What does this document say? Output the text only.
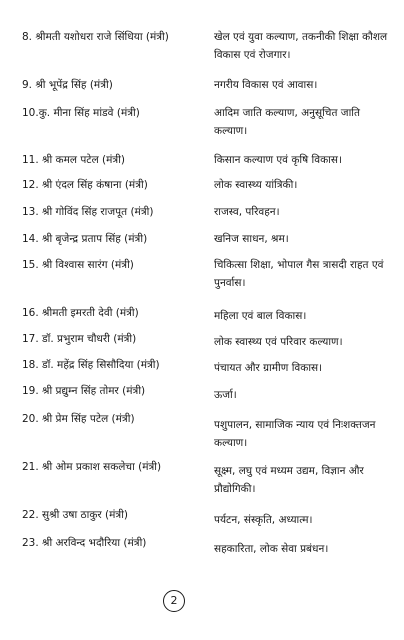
8. श्रीमती यशोधरा राजे सिंधिया (मंत्री)	खेल एवं युवा कल्याण, तकनीकी शिक्षा कौशल विकास एवं रोजगार।
9. श्री भूपेंद्र सिंह (मंत्री)	नगरीय विकास एवं आवास।
10.कु. मीना सिंह मांडवे (मंत्री)	आदिम जाति कल्याण, अनुसूचित जाति कल्याण।
11. श्री कमल पटेल (मंत्री)	किसान कल्याण एवं कृषि विकास।
12. श्री एंदल सिंह कंषाना (मंत्री)	लोक स्वास्थ्य यांत्रिकी।
13. श्री गोविंद सिंह राजपूत (मंत्री)	राजस्व, परिवहन।
14. श्री बृजेन्द्र प्रताप सिंह (मंत्री)	खनिज साधन, श्रम।
15. श्री विश्वास सारंग (मंत्री)	चिकित्सा शिक्षा, भोपाल गैस त्रासदी राहत एवं पुनर्वास।
16. श्रीमती इमरती देवी (मंत्री)	महिला एवं बाल विकास।
17. डॉ. प्रभुराम चौधरी (मंत्री)	लोक स्वास्थ्य एवं परिवार कल्याण।
18. डॉ. महेंद्र सिंह सिसौदिया (मंत्री)	पंचायत और ग्रामीण विकास।
19. श्री प्रद्युम्न सिंह तोमर (मंत्री)	ऊर्जा।
20. श्री प्रेम सिंह पटेल (मंत्री)	पशुपालन, सामाजिक न्याय एवं निःशक्तजन कल्याण।
21. श्री ओम प्रकाश सकलेचा (मंत्री)	सूक्ष्म, लघु एवं मध्यम उद्यम, विज्ञान और प्रौद्योगिकी।
22. सुश्री उषा ठाकुर (मंत्री)	पर्यटन, संस्कृति, अध्यात्म।
23. श्री अरविन्द भदौरिया (मंत्री)	सहकारिता, लोक सेवा प्रबंधन।
2
